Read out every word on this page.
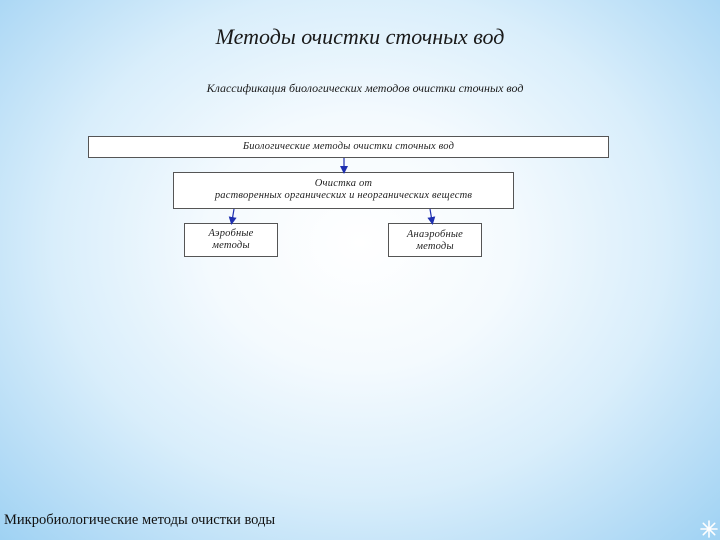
Методы очистки сточных вод
Классификация биологических методов очистки сточных вод
Биологические методы очистки сточных вод
Очистка от
растворенных органических и неорганических веществ
Аэробные
методы
Анаэробные
методы
Микробиологические методы очистки воды
